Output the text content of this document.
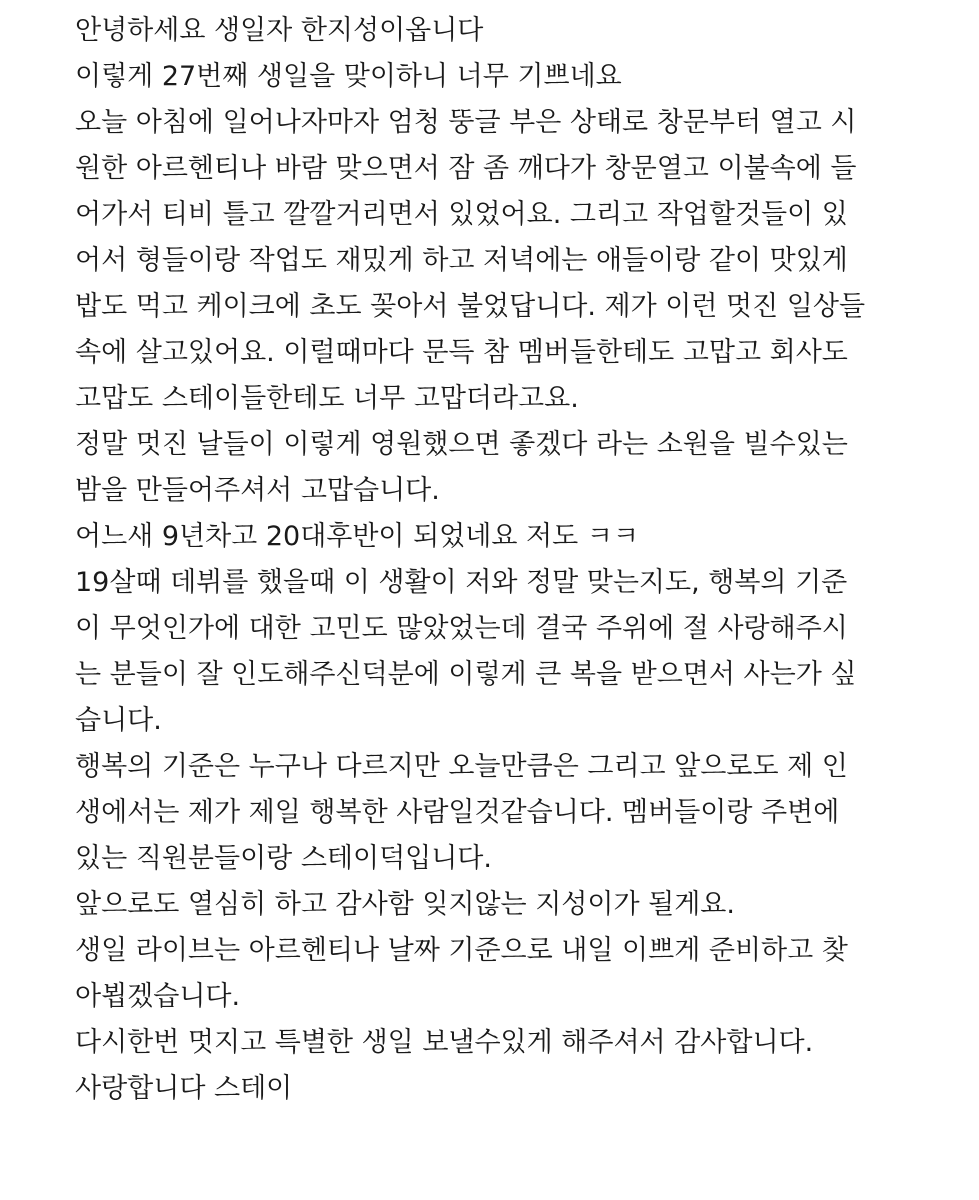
안녕하세요 생일자 한지성이옵니다
이렇게 27번째 생일을 맞이하니 너무 기쁘네요
오늘 아침에 일어나자마자 엄청 뚱글 부은 상태로 창문부터 열고 시
원한 아르헨티나 바람 맞으면서 잠 좀 깨다가 창문열고 이불속에 들
어가서 티비 틀고 깔깔거리면서 있었어요. 그리고 작업할것들이 있
어서 형들이랑 작업도 재밌게 하고 저녁에는 애들이랑 같이 맛있게
밥도 먹고 케이크에 초도 꽂아서 불었답니다. 제가 이런 멋진 일상들
속에 살고있어요. 이럴때마다 문득 참 멤버들한테도 고맙고 회사도
고맙도 스테이들한테도 너무 고맙더라고요.
정말 멋진 날들이 이렇게 영원했으면 좋겠다 라는 소원을 빌수있는
밤을 만들어주셔서 고맙습니다.
어느새 9년차고 20대후반이 되었네요 저도 ㅋㅋ
19살때 데뷔를 했을때 이 생활이 저와 정말 맞는지도, 행복의 기준
이 무엇인가에 대한 고민도 많았었는데 결국 주위에 절 사랑해주시
는 분들이 잘 인도해주신덕분에 이렇게 큰 복을 받으면서 사는가 싶
습니다.
행복의 기준은 누구나 다르지만 오늘만큼은 그리고 앞으로도 제 인
생에서는 제가 제일 행복한 사람일것같습니다. 멤버들이랑 주변에
있는 직원분들이랑 스테이덕입니다.
앞으로도 열심히 하고 감사함 잊지않는 지성이가 될게요.
생일 라이브는 아르헨티나 날짜 기준으로 내일 이쁘게 준비하고 찾
아뵙겠습니다.
다시한번 멋지고 특별한 생일 보낼수있게 해주셔서 감사합니다.
사랑합니다 스테이
